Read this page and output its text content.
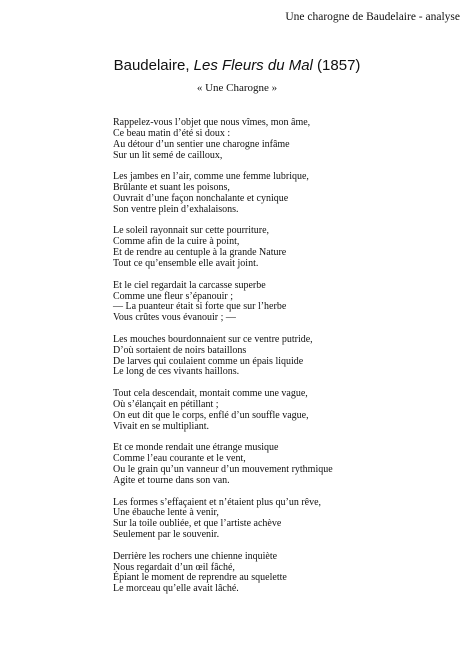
Une charogne de Baudelaire - analyse
Baudelaire, Les Fleurs du Mal (1857)
« Une Charogne »
Rappelez-vous l’objet que nous vîmes, mon âme,
Ce beau matin d’été si doux :
Au détour d’un sentier une charogne infâme
Sur un lit semé de cailloux,
Les jambes en l’air, comme une femme lubrique,
Brûlante et suant les poisons,
Ouvrait d’une façon nonchalante et cynique
Son ventre plein d’exhalaisons.
Le soleil rayonnait sur cette pourriture,
Comme afin de la cuire à point,
Et de rendre au centuple à la grande Nature
Tout ce qu’ensemble elle avait joint.
Et le ciel regardait la carcasse superbe
Comme une fleur s’épanouir ;
— La puanteur était si forte que sur l’herbe
Vous crûtes vous évanouir ; —
Les mouches bourdonnaient sur ce ventre putride,
D’où sortaient de noirs bataillons
De larves qui coulaient comme un épais liquide
Le long de ces vivants haillons.
Tout cela descendait, montait comme une vague,
Où s’élançait en pétillant ;
On eut dit que le corps, enflé d’un souffle vague,
Vivait en se multipliant.
Et ce monde rendait une étrange musique
Comme l’eau courante et le vent,
Ou le grain qu’un vanneur d’un mouvement rythmique
Agite et tourne dans son van.
Les formes s’effaçaient et n’étaient plus qu’un rêve,
Une ébauche lente à venir,
Sur la toile oubliée, et que l’artiste achève
Seulement par le souvenir.
Derrière les rochers une chienne inquiète
Nous regardait d’un œil fâché,
Épiant le moment de reprendre au squelette
Le morceau qu’elle avait lâché.
